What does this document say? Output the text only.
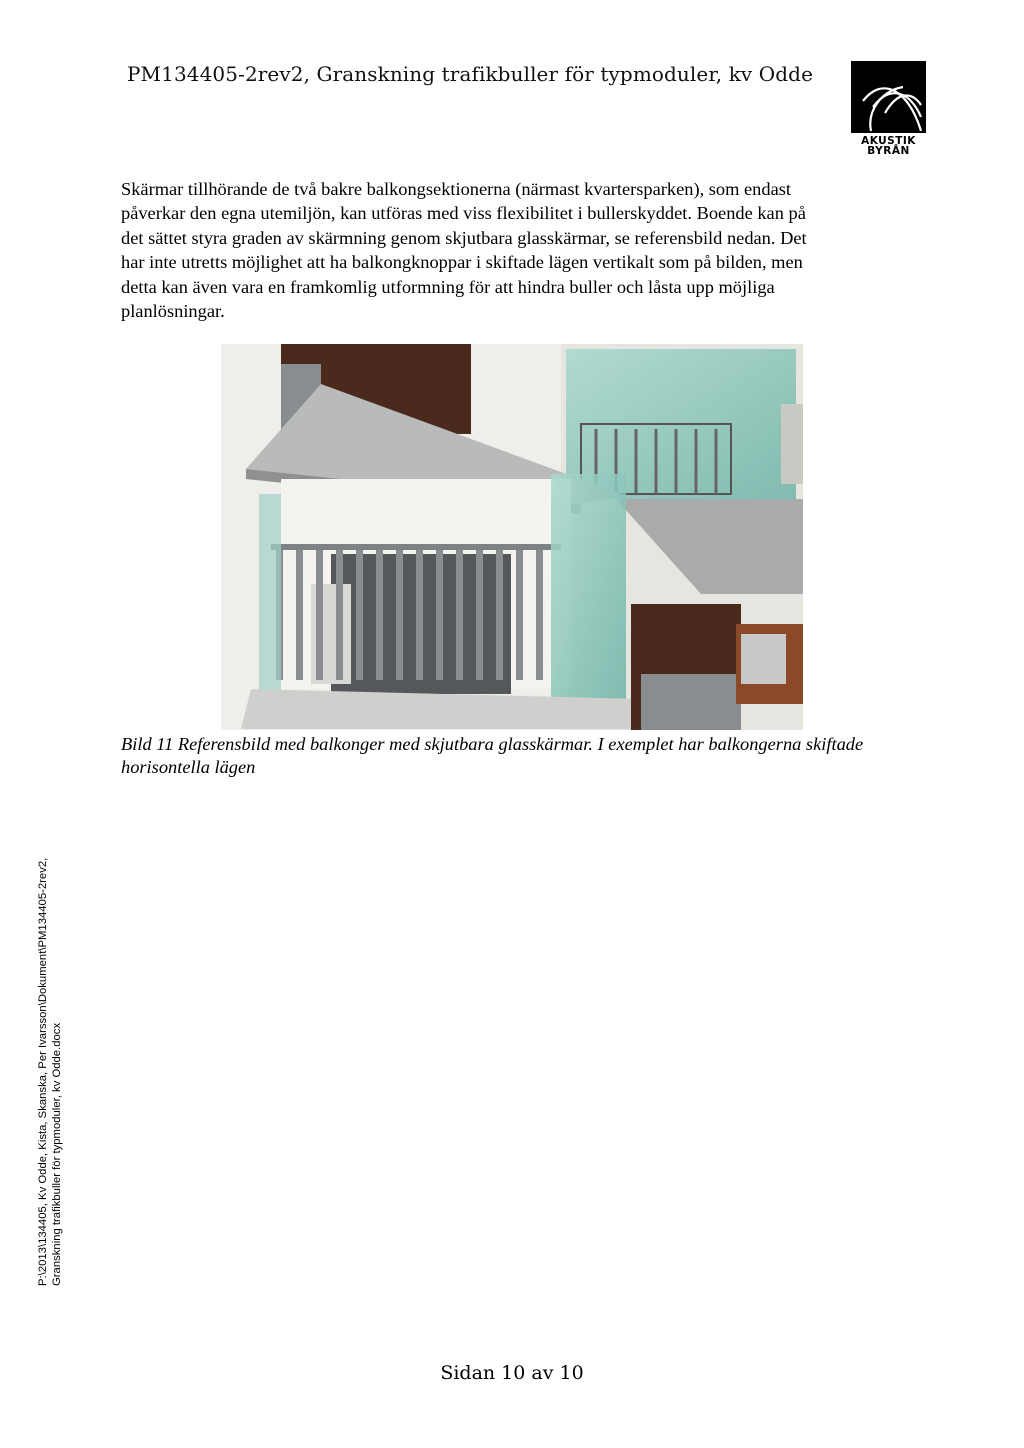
PM134405-2rev2, Granskning trafikbuller för typmoduler, kv Odde
AKUSTIK
BYRÅN
Skärmar tillhörande de två bakre balkongsektionerna (närmast kvartersparken), som endast
påverkar den egna utemiljön, kan utföras med viss flexibilitet i bullerskyddet. Boende kan på
det sättet styra graden av skärmning genom skjutbara glasskärmar, se referensbild nedan. Det
har inte utretts möjlighet att ha balkongknoppar i skiftade lägen vertikalt som på bilden, men
detta kan även vara en framkomlig utformning för att hindra buller och låsta upp möjliga
planlösningar.
Bild 11 Referensbild med balkonger med skjutbara glasskärmar. I exemplet har balkongerna skiftade
horisontella lägen
P:\2013\134405, Kv Odde, Kista, Skanska, Per Ivarsson\Dokument\PM134405-2rev2, Granskning trafikbuller för typmoduler, kv Odde.docx
Sidan 10 av 10
